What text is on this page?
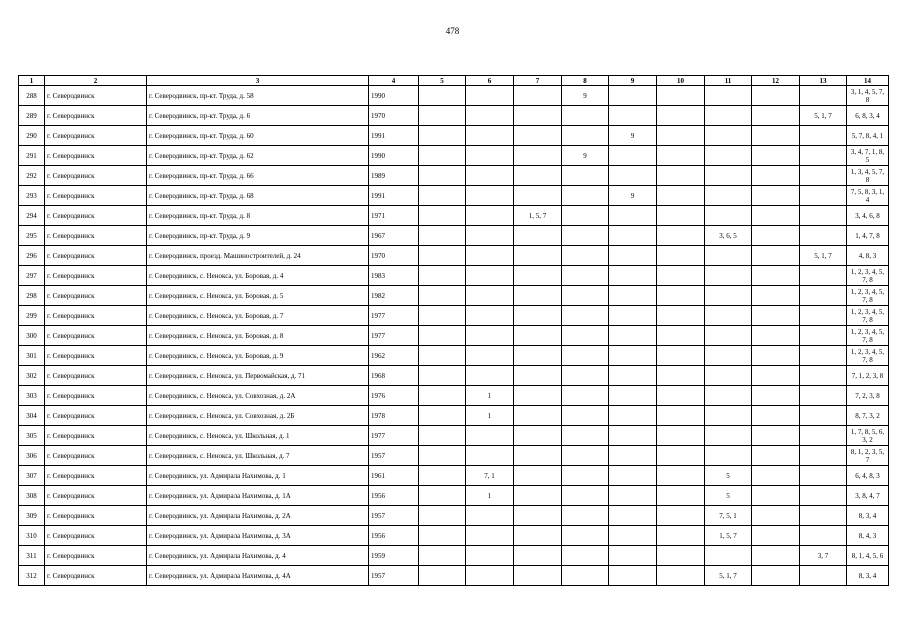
478
1	2	3	4	5	6	7	8	9	10	11	12	13	14
288	г. Северодвинск	г. Северодвинск, пр-кт. Труда, д. 58	1990				9						3, 1, 4, 5, 7, 8
289	г. Северодвинск	г. Северодвинск, пр-кт. Труда, д. 6	1970									5, 1, 7	6, 8, 3, 4
290	г. Северодвинск	г. Северодвинск, пр-кт. Труда, д. 60	1991					9					5, 7, 8, 4, 1
291	г. Северодвинск	г. Северодвинск, пр-кт. Труда, д. 62	1990				9						3, 4, 7, 1, 8, 5
292	г. Северодвинск	г. Северодвинск, пр-кт. Труда, д. 66	1989										1, 3, 4, 5, 7, 8
293	г. Северодвинск	г. Северодвинск, пр-кт. Труда, д. 68	1991					9					7, 5, 8, 3, 1, 4
294	г. Северодвинск	г. Северодвинск, пр-кт. Труда, д. 8	1971			1, 5, 7							3, 4, 6, 8
295	г. Северодвинск	г. Северодвинск, пр-кт. Труда, д. 9	1967							3, 6, 5			1, 4, 7, 8
296	г. Северодвинск	г. Северодвинск, проезд. Машиностроителей, д. 24	1970									5, 1, 7	4, 8, 3
297	г. Северодвинск	г. Северодвинск, с. Ненокса, ул. Боровая, д. 4	1983										1, 2, 3, 4, 5, 7, 8
298	г. Северодвинск	г. Северодвинск, с. Ненокса, ул. Боровая, д. 5	1982										1, 2, 3, 4, 5, 7, 8
299	г. Северодвинск	г. Северодвинск, с. Ненокса, ул. Боровая, д. 7	1977										1, 2, 3, 4, 5, 7, 8
300	г. Северодвинск	г. Северодвинск, с. Ненокса, ул. Боровая, д. 8	1977										1, 2, 3, 4, 5, 7, 8
301	г. Северодвинск	г. Северодвинск, с. Ненокса, ул. Боровая, д. 9	1962										1, 2, 3, 4, 5, 7, 8
302	г. Северодвинск	г. Северодвинск, с. Ненокса, ул. Первомайская, д. 71	1968										7, 1, 2, 3, 8
303	г. Северодвинск	г. Северодвинск, с. Ненокса, ул. Совхозная, д. 2А	1976		1								7, 2, 3, 8
304	г. Северодвинск	г. Северодвинск, с. Ненокса, ул. Совхозная, д. 2Б	1978		1								8, 7, 3, 2
305	г. Северодвинск	г. Северодвинск, с. Ненокса, ул. Школьная, д. 1	1977										1, 7, 8, 5, 6, 3, 2
306	г. Северодвинск	г. Северодвинск, с. Ненокса, ул. Школьная, д. 7	1957										8, 1, 2, 3, 5, 7
307	г. Северодвинск	г. Северодвинск, ул. Адмирала Нахимова, д. 1	1961		7, 1					5			6, 4, 8, 3
308	г. Северодвинск	г. Северодвинск, ул. Адмирала Нахимова, д. 1А	1956		1					5			3, 8, 4, 7
309	г. Северодвинск	г. Северодвинск, ул. Адмирала Нахимова, д. 2А	1957							7, 5, 1			8, 3, 4
310	г. Северодвинск	г. Северодвинск, ул. Адмирала Нахимова, д. 3А	1956							1, 5, 7			8, 4, 3
311	г. Северодвинск	г. Северодвинск, ул. Адмирала Нахимова, д. 4	1959									3, 7	8, 1, 4, 5, 6
312	г. Северодвинск	г. Северодвинск, ул. Адмирала Нахимова, д. 4А	1957							5, 1, 7			8, 3, 4
